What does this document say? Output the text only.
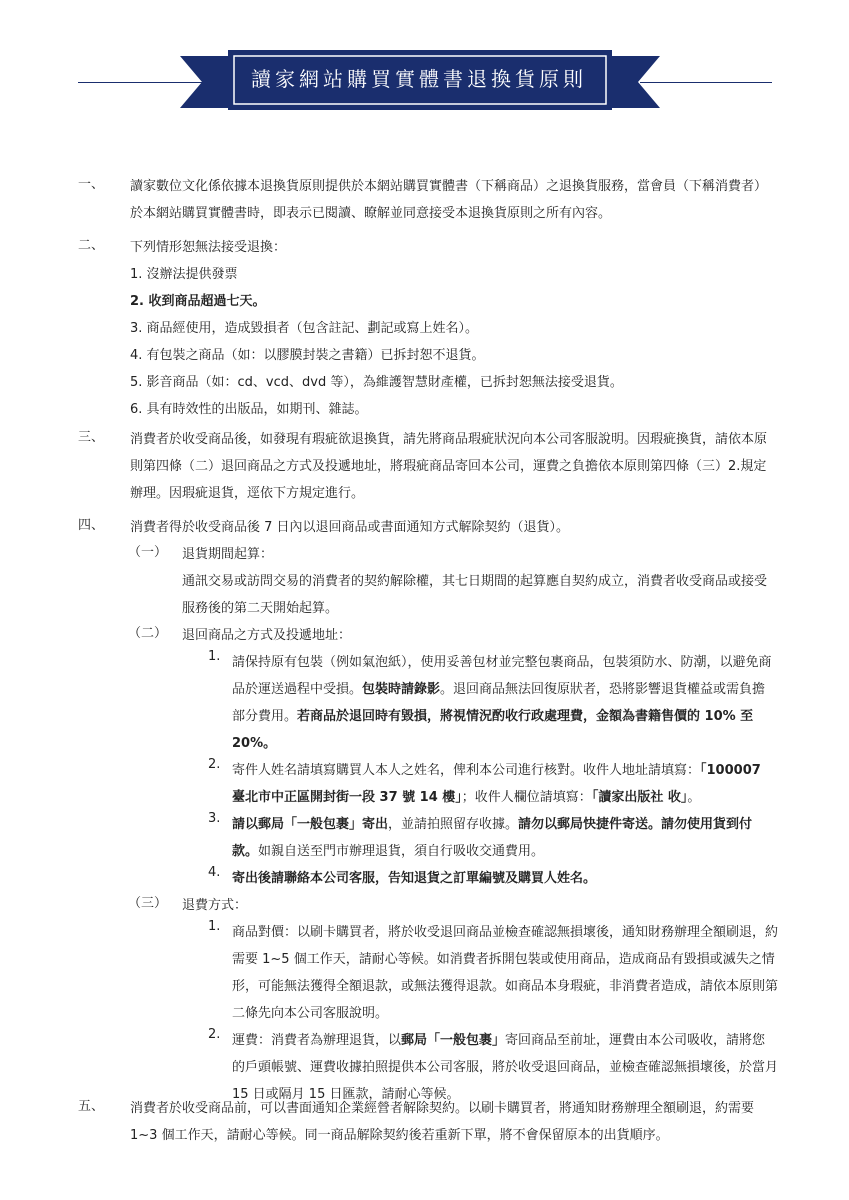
讀家網站購買實體書退換貨原則
一、	讀家數位文化係依據本退換貨原則提供於本網站購買實體書（下稱商品）之退換貨服務，當會員（下稱消費者）於本網站購買實體書時，即表示已閱讀、瞭解並同意接受本退換貨原則之所有內容。

二、	下列情形恕無法接受退換：
1. 沒辦法提供發票
2. 收到商品超過七天。
3. 商品經使用，造成毀損者（包含註記、劃記或寫上姓名）。
4. 有包裝之商品（如：以膠膜封裝之書籍）已拆封恕不退貨。
5. 影音商品（如：cd、vcd、dvd 等），為維護智慧財產權，已拆封恕無法接受退貨。
6. 具有時效性的出版品，如期刊、雜誌。
三、	消費者於收受商品後，如發現有瑕疵欲退換貨，請先將商品瑕疵狀況向本公司客服說明。因瑕疵換貨，請依本原則第四條（二）退回商品之方式及投遞地址，將瑕疵商品寄回本公司，運費之負擔依本原則第四條（三）2.規定辦理。因瑕疵退貨，逕依下方規定進行。

四、	消費者得於收受商品後 7 日內以退回商品或書面通知方式解除契約（退貨）。
（一）	退貨期間起算：
通訊交易或訪問交易的消費者的契約解除權，其七日期間的起算應自契約成立，消費者收受商品或接受服務後的第二天開始起算。
（二）	退回商品之方式及投遞地址：
1. 請保持原有包裝（例如氣泡紙），使用妥善包材並完整包裹商品，包裝須防水、防潮，以避免商品於運送過程中受損。包裝時請錄影。退回商品無法回復原狀者，恐將影響退貨權益或需負擔部分費用。若商品於退回時有毀損，將視情況酌收行政處理費，金額為書籍售價的 10% 至 20%。
2. 寄件人姓名請填寫購買人本人之姓名，俾利本公司進行核對。收件人地址請填寫：「100007 臺北市中正區開封街一段 37 號 14 樓」；收件人欄位請填寫：「讀家出版社 收」。
3. 請以郵局「一般包裹」寄出，並請拍照留存收據。請勿以郵局快捷件寄送。請勿使用貨到付款。如親自送至門市辦理退貨，須自行吸收交通費用。
4. 寄出後請聯絡本公司客服，告知退貨之訂單編號及購買人姓名。
（三）	退費方式：
1. 商品對價：以刷卡購買者，將於收受退回商品並檢查確認無損壞後，通知財務辦理全額刷退，約需要 1~5 個工作天，請耐心等候。如消費者拆開包裝或使用商品，造成商品有毀損或滅失之情形，可能無法獲得全額退款，或無法獲得退款。如商品本身瑕疵，非消費者造成，請依本原則第二條先向本公司客服說明。
2. 運費：消費者為辦理退貨，以郵局「一般包裹」寄回商品至前址，運費由本公司吸收，請將您的戶頭帳號、運費收據拍照提供本公司客服，將於收受退回商品，並檢查確認無損壞後，於當月 15 日或隔月 15 日匯款，請耐心等候。
五、	消費者於收受商品前，可以書面通知企業經營者解除契約。以刷卡購買者，將通知財務辦理全額刷退，約需要 1~3 個工作天，請耐心等候。同一商品解除契約後若重新下單，將不會保留原本的出貨順序。
